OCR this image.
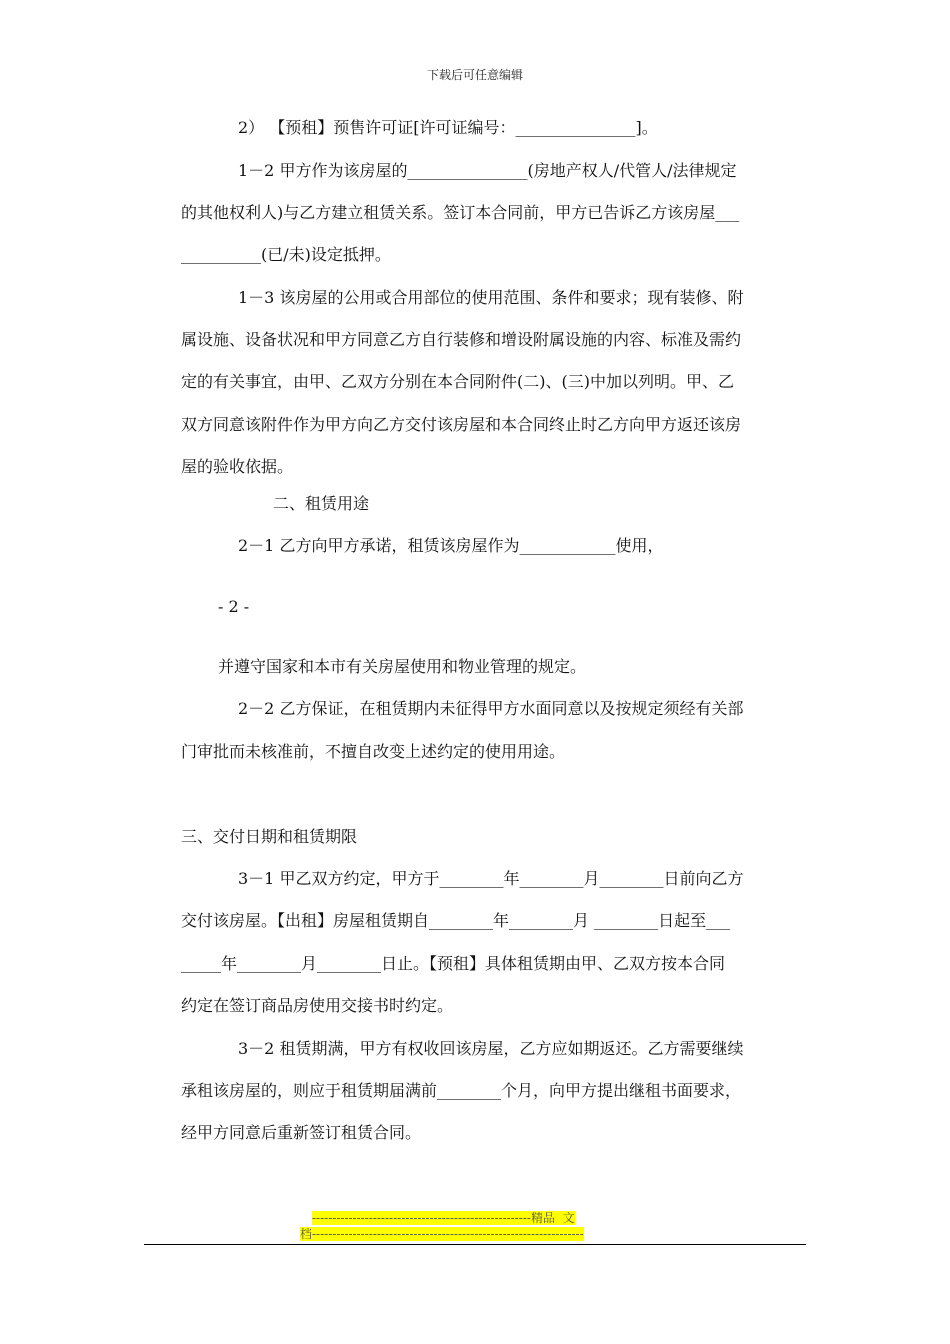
下载后可任意编辑
2） 【预租】预售许可证[许可证编号：_______________]。
1－2 甲方作为该房屋的_______________(房地产权人/代管人/法律规定
的其他权利人)与乙方建立租赁关系。签订本合同前，甲方已告诉乙方该房屋___
__________(已/未)设定抵押。
1－3 该房屋的公用或合用部位的使用范围、条件和要求；现有装修、附
属设施、设备状况和甲方同意乙方自行装修和增设附属设施的内容、标准及需约
定的有关事宜，由甲、乙双方分别在本合同附件(二)、(三)中加以列明。甲、乙
双方同意该附件作为甲方向乙方交付该房屋和本合同终止时乙方向甲方返还该房
屋的验收依据。
二、租赁用途
2－1 乙方向甲方承诺，租赁该房屋作为____________使用，
- 2 -
并遵守国家和本市有关房屋使用和物业管理的规定。
2－2 乙方保证，在租赁期内未征得甲方水面同意以及按规定须经有关部
门审批而未核准前，不擅自改变上述约定的使用用途。
三、交付日期和租赁期限
3－1 甲乙双方约定，甲方于________年________月________日前向乙方
交付该房屋。【出租】房屋租赁期自________年________月 ________日起至___
_____年________月________日止。【预租】具体租赁期由甲、乙双方按本合同
约定在签订商品房使用交接书时约定。
3－2 租赁期满，甲方有权收回该房屋，乙方应如期返还。乙方需要继续
承租该房屋的，则应于租赁期届满前________个月，向甲方提出继租书面要求，
经甲方同意后重新签订租赁合同。
------------------------------------------------------精品  文
档-------------------------------------------------------------------
